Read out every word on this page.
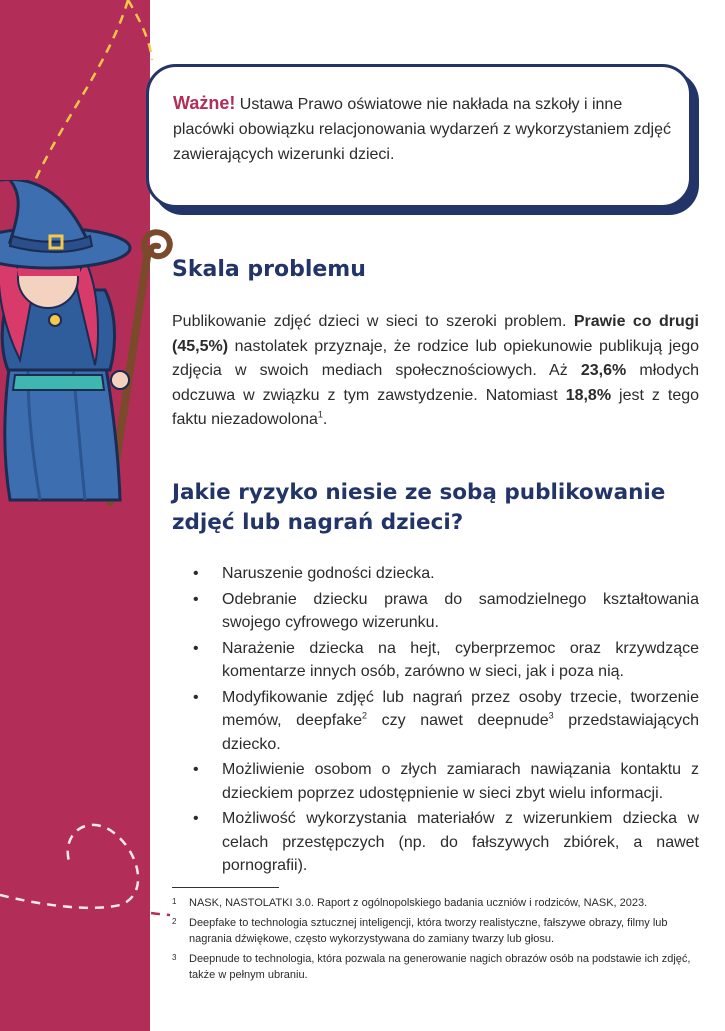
Ważne! Ustawa Prawo oświatowe nie nakłada na szkoły i inne placówki obowiązku relacjonowania wydarzeń z wykorzystaniem zdjęć zawierających wizerunki dzieci.
Skala problemu

Publikowanie zdjęć dzieci w sieci to szeroki problem. Prawie co drugi (45,5%) nastolatek przyznaje, że rodzice lub opiekunowie publikują jego zdjęcia w swoich mediach społecznościowych. Aż 23,6% młodych odczuwa w związku z tym zawstydzenie. Natomiast 18,8% jest z tego faktu niezadowolona$^1$.

Jakie ryzyko niesie ze sobą publikowanie zdjęć lub nagrań dzieci?
• Naruszenie godności dziecka.
• Odebranie dziecku prawa do samodzielnego kształtowania swojego cyfrowego wizerunku.
• Narażenie dziecka na hejt, cyberprzemoc oraz krzywdzące komentarze innych osób, zarówno w sieci, jak i poza nią.
• Modyfikowanie zdjęć lub nagrań przez osoby trzecie, tworzenie memów, deepfake$^2$ czy nawet deepnude$^3$ przedstawiających dziecko.
• Możliwienie osobom o złych zamiarach nawiązania kontaktu z dzieckiem poprzez udostępnienie w sieci zbyt wielu informacji.
• Możliwość wykorzystania materiałów z wizerunkiem dziecka w celach przestępczych (np. do fałszywych zbiórek, a nawet pornografii).
1 NASK, NASTOLATKI 3.0. Raport z ogólnopolskiego badania uczniów i rodziców, NASK, 2023.
2 Deepfake to technologia sztucznej inteligencji, która tworzy realistyczne, fałszywe obrazy, filmy lub nagrania dźwiękowe, często wykorzystywana do zamiany twarzy lub głosu.
3 Deepnude to technologia, która pozwala na generowanie nagich obrazów osób na podstawie ich zdjęć, także w pełnym ubraniu.
